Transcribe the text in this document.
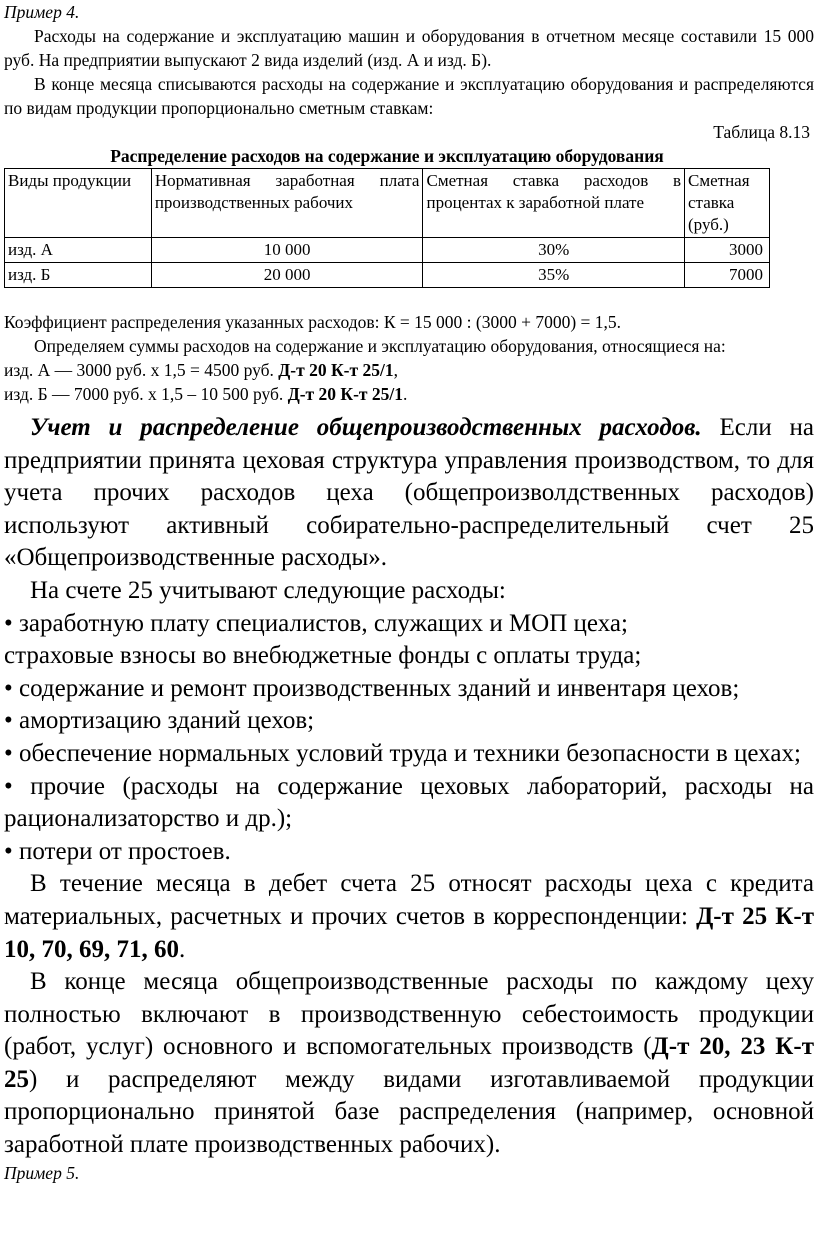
Пример 4.

Расходы на содержание и эксплуатацию машин и оборудования в отчетном месяце составили 15 000 руб. На предприятии выпускают 2 вида изделий (изд. А и изд. Б).

В конце месяца списываются расходы на содержание и эксплуатацию оборудования и распределяются по видам продукции пропорционально сметным ставкам:

Таблица 8.13

Распределение расходов на содержание и эксплуатацию оборудования

Виды продукции	Нормативная заработная плата производственных рабочих	Сметная ставка расходов в процентах к заработной плате	Сметная ставка (руб.)
изд. А	10 000	30%	3000
изд. Б	20 000	35%	7000

Коэффициент распределения указанных расходов: К = 15 000 : (3000 + 7000) = 1,5.

Определяем суммы расходов на содержание и эксплуатацию оборудования, относящиеся на:

изд. А — 3000 руб. х 1,5 = 4500 руб. Д-т 20 К-т 25/1,

изд. Б — 7000 руб. х 1,5 – 10 500 руб. Д-т 20 К-т 25/1.

Учет и распределение общепроизводственных расходов. Если на предприятии принята цеховая структура управления производством, то для учета прочих расходов цеха (общепроизволдственных расходов) используют активный собирательно-распределительный счет 25 «Общепроизводственные расходы».

На счете 25 учитывают следующие расходы:

• заработную плату специалистов, служащих и МОП цеха;

страховые взносы во внебюджетные фонды с оплаты труда;

• содержание и ремонт производственных зданий и инвентаря цехов;

• амортизацию зданий цехов;

• обеспечение нормальных условий труда и техники безопасности в цехах;

• прочие (расходы на содержание цеховых лабораторий, расходы на рационализаторство и др.);

• потери от простоев.

В течение месяца в дебет счета 25 относят расходы цеха с кредита материальных, расчетных и прочих счетов в корреспонденции: Д-т 25 К-т 10, 70, 69, 71, 60.

В конце месяца общепроизводственные расходы по каждому цеху полностью включают в производственную себестоимость продукции (работ, услуг) основного и вспомогательных производств (Д-т 20, 23 К-т 25) и распределяют между видами изготавливаемой продукции пропорционально принятой базе распределения (например, основной заработной плате производственных рабочих).

Пример 5.
